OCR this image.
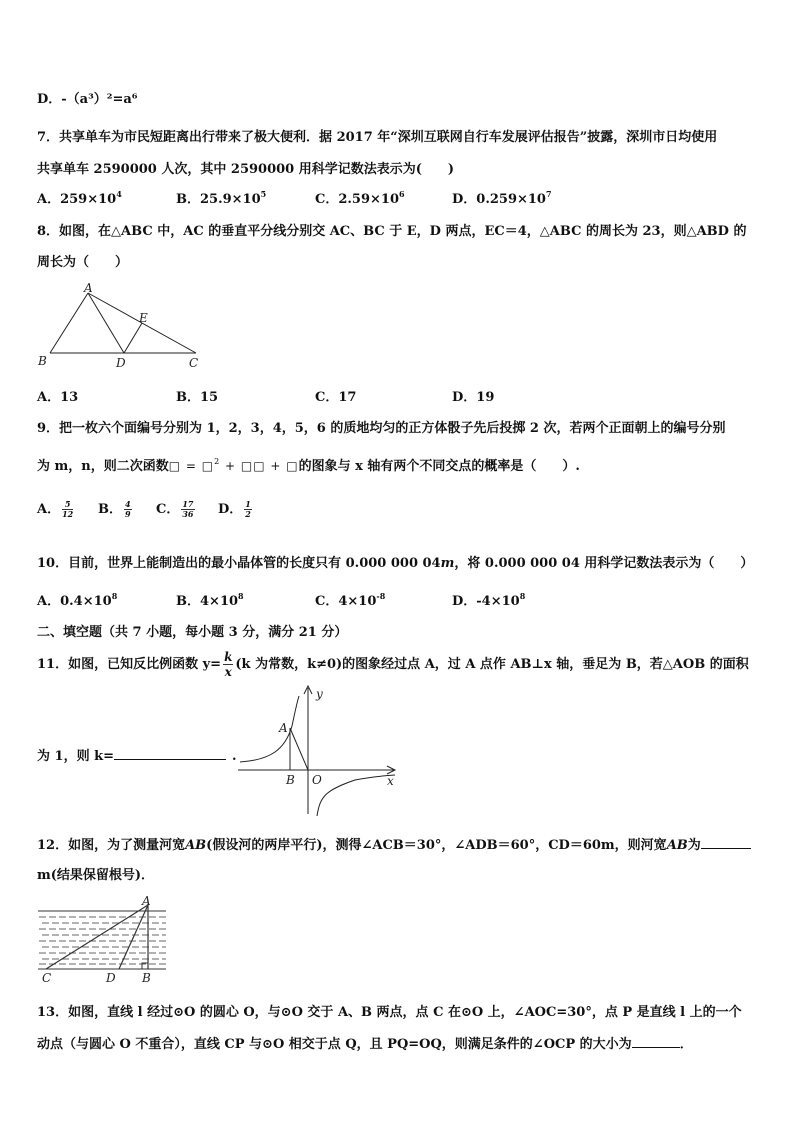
D．-（a³）²=a⁶
7．共享单车为市民短距离出行带来了极大便利．据 2017 年“深圳互联网自行车发展评估报告”披露，深圳市日均使用
共享单车 2590000 人次，其中 2590000 用科学记数法表示为(　　)
A．$259\times 10^4$	B．$25.9\times 10^5$	C．$2.59\times 10^6$	D．$0.259\times 10^7$
8．如图，在△ABC 中，AC 的垂直平分线分别交 AC、BC 于 E，D 两点，EC＝4，△ABC 的周长为 23，则△ABD 的
周长为（　　）
A
B	C
D
E
A．13	B．15	C．17	D．19
9．把一枚六个面编号分别为 1，2，3，4，5，6 的质地均匀的正方体骰子先后投掷 2 次，若两个正面朝上的编号分别
为 m，n，则二次函数□ = □$^2$ + □□ + □的图象与 x 轴有两个不同交点的概率是（　　）.
A． $\frac{5}{12}$ B． $\frac{4}{9}$ C． $\frac{17}{36}$ D． $\frac{1}{2}$
10．目前，世界上能制造出的最小晶体管的长度只有 0.000 000 04m，将 0.000 000 04 用科学记数法表示为（　　）
A．$0.4\times 10^8$	B．$4\times 10^8$	C．$4\times 10^{-8}$	D．$-4\times 10^8$
二、填空题（共 7 小题，每小题 3 分，满分 21 分）
11．如图，已知反比例函数 $y= \frac{k}{x} (k$ 为常数，k≠0)的图象经过点 A，过 A 点作 AB⊥x 轴，垂足为 B，若△AOB 的面积
为 1，则 k=	.
A
B O	x
y
12．如图，为了测量河宽AB(假设河的两岸平行)，测得∠ACB＝30°，∠ADB＝60°，CD＝60m，则河宽AB为
m(结果保留根号)．
A
C	D B
13．如图，直线 l 经过⊙O 的圆心 O，与⊙O 交于 A、B 两点，点 C 在⊙O 上，∠AOC=30°，点 P 是直线 l 上的一个
动点（与圆心 O 不重合），直线 CP 与⊙O 相交于点 Q，且 PQ=OQ，则满足条件的∠OCP 的大小为	．
